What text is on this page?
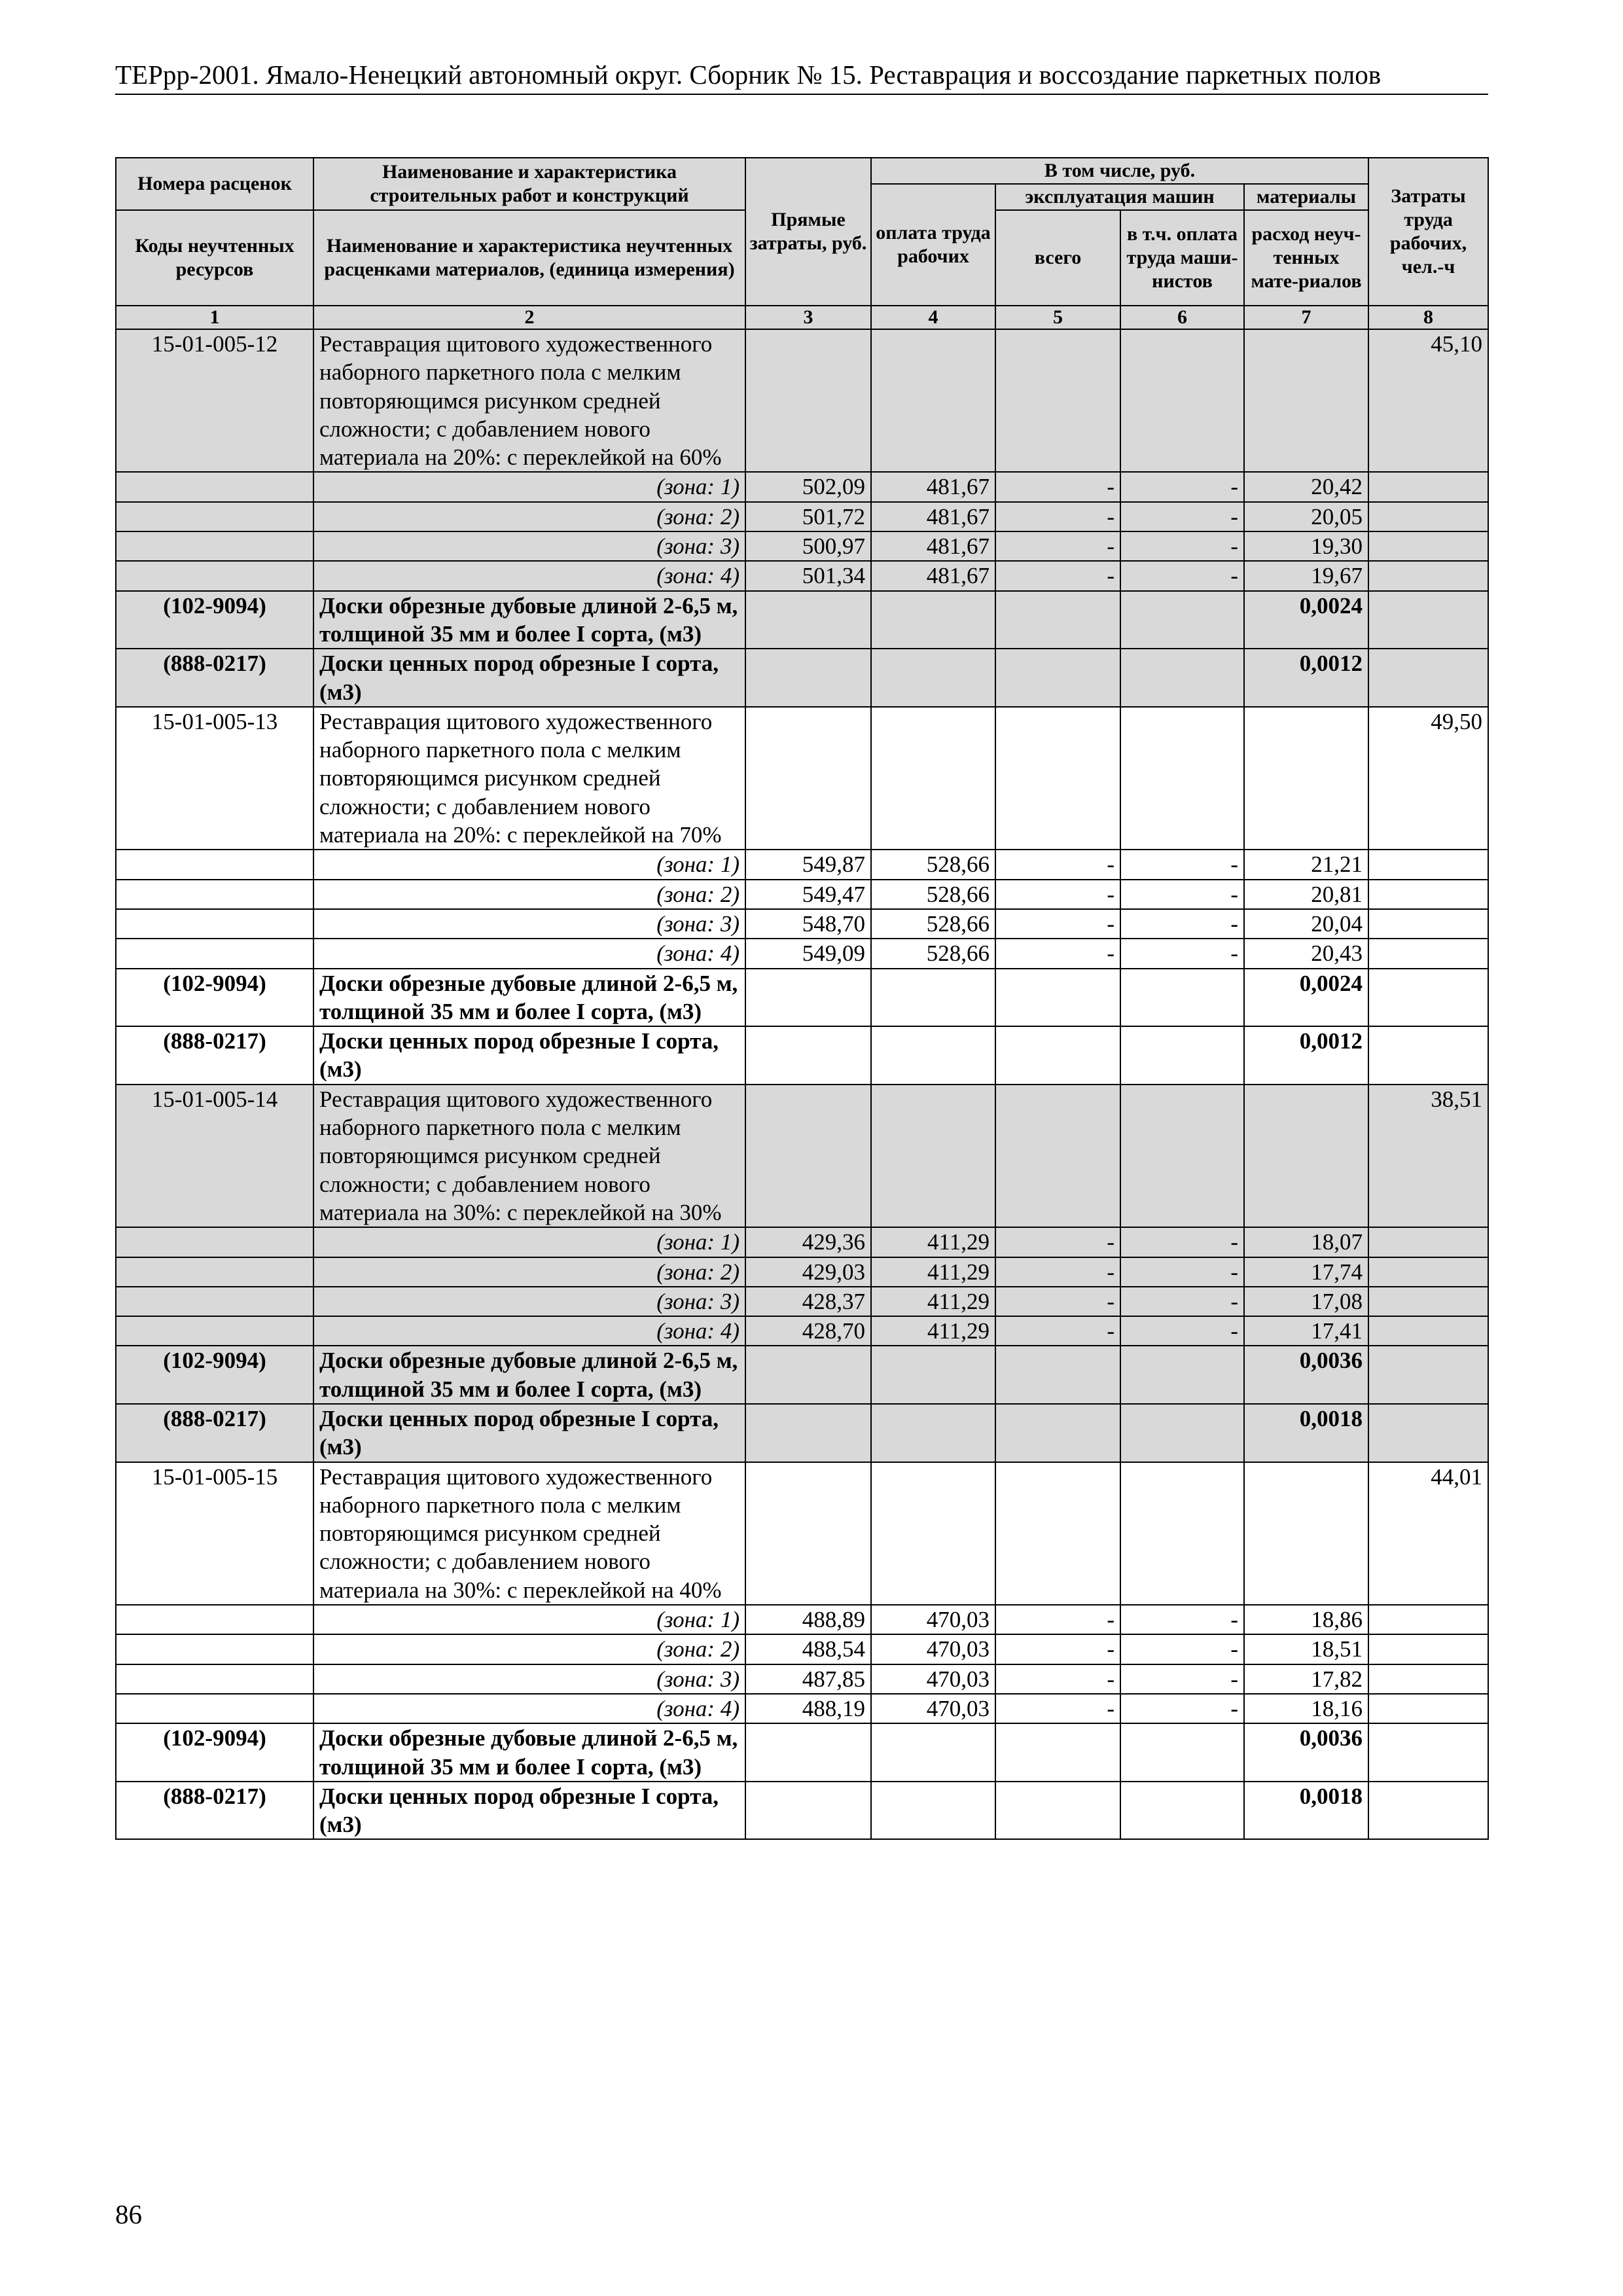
ТЕРрр-2001. Ямало-Ненецкий автономный округ. Сборник № 15. Реставрация и воссоздание паркетных полов
Номера расценок	Наименование и характеристика строительных работ и конструкций	Прямые затраты, руб.	В том числе, руб.				Затраты труда рабочих, чел.-ч
			оплата труда рабочих	эксплуатация машин		материалы	
Коды неучтенных ресурсов	Наименование и характеристика неучтенных расценками материалов, (единица измерения)			всего	в т.ч. оплата труда маши-нистов	расход неуч-тенных мате-риалов	

1	2	3	4	5	6	7	8
15-01-005-12	Реставрация щитового художественного наборного паркетного пола с мелким повторяющимся рисунком средней сложности; с добавлением нового материала на 20%: с переклейкой на 60%						45,10
	(зона: 1)	502,09	481,67	-	-	20,42	
	(зона: 2)	501,72	481,67	-	-	20,05	
	(зона: 3)	500,97	481,67	-	-	19,30	
	(зона: 4)	501,34	481,67	-	-	19,67	
(102-9094)	Доски обрезные дубовые длиной 2-6,5 м, толщиной 35 мм и более I сорта, (м3)					0,0024	
(888-0217)	Доски ценных пород обрезные I сорта, (м3)					0,0012	
15-01-005-13	Реставрация щитового художественного наборного паркетного пола с мелким повторяющимся рисунком средней сложности; с добавлением нового материала на 20%: с переклейкой на 70%						49,50
	(зона: 1)	549,87	528,66	-	-	21,21	
	(зона: 2)	549,47	528,66	-	-	20,81	
	(зона: 3)	548,70	528,66	-	-	20,04	
	(зона: 4)	549,09	528,66	-	-	20,43	
(102-9094)	Доски обрезные дубовые длиной 2-6,5 м, толщиной 35 мм и более I сорта, (м3)					0,0024	
(888-0217)	Доски ценных пород обрезные I сорта, (м3)					0,0012	
15-01-005-14	Реставрация щитового художественного наборного паркетного пола с мелким повторяющимся рисунком средней сложности; с добавлением нового материала на 30%: с переклейкой на 30%						38,51
	(зона: 1)	429,36	411,29	-	-	18,07	
	(зона: 2)	429,03	411,29	-	-	17,74	
	(зона: 3)	428,37	411,29	-	-	17,08	
	(зона: 4)	428,70	411,29	-	-	17,41	
(102-9094)	Доски обрезные дубовые длиной 2-6,5 м, толщиной 35 мм и более I сорта, (м3)					0,0036	
(888-0217)	Доски ценных пород обрезные I сорта, (м3)					0,0018	
15-01-005-15	Реставрация щитового художественного наборного паркетного пола с мелким повторяющимся рисунком средней сложности; с добавлением нового материала на 30%: с переклейкой на 40%						44,01
	(зона: 1)	488,89	470,03	-	-	18,86	
	(зона: 2)	488,54	470,03	-	-	18,51	
	(зона: 3)	487,85	470,03	-	-	17,82	
	(зона: 4)	488,19	470,03	-	-	18,16	
(102-9094)	Доски обрезные дубовые длиной 2-6,5 м, толщиной 35 мм и более I сорта, (м3)					0,0036	
(888-0217)	Доски ценных пород обрезные I сорта, (м3)					0,0018	
86
